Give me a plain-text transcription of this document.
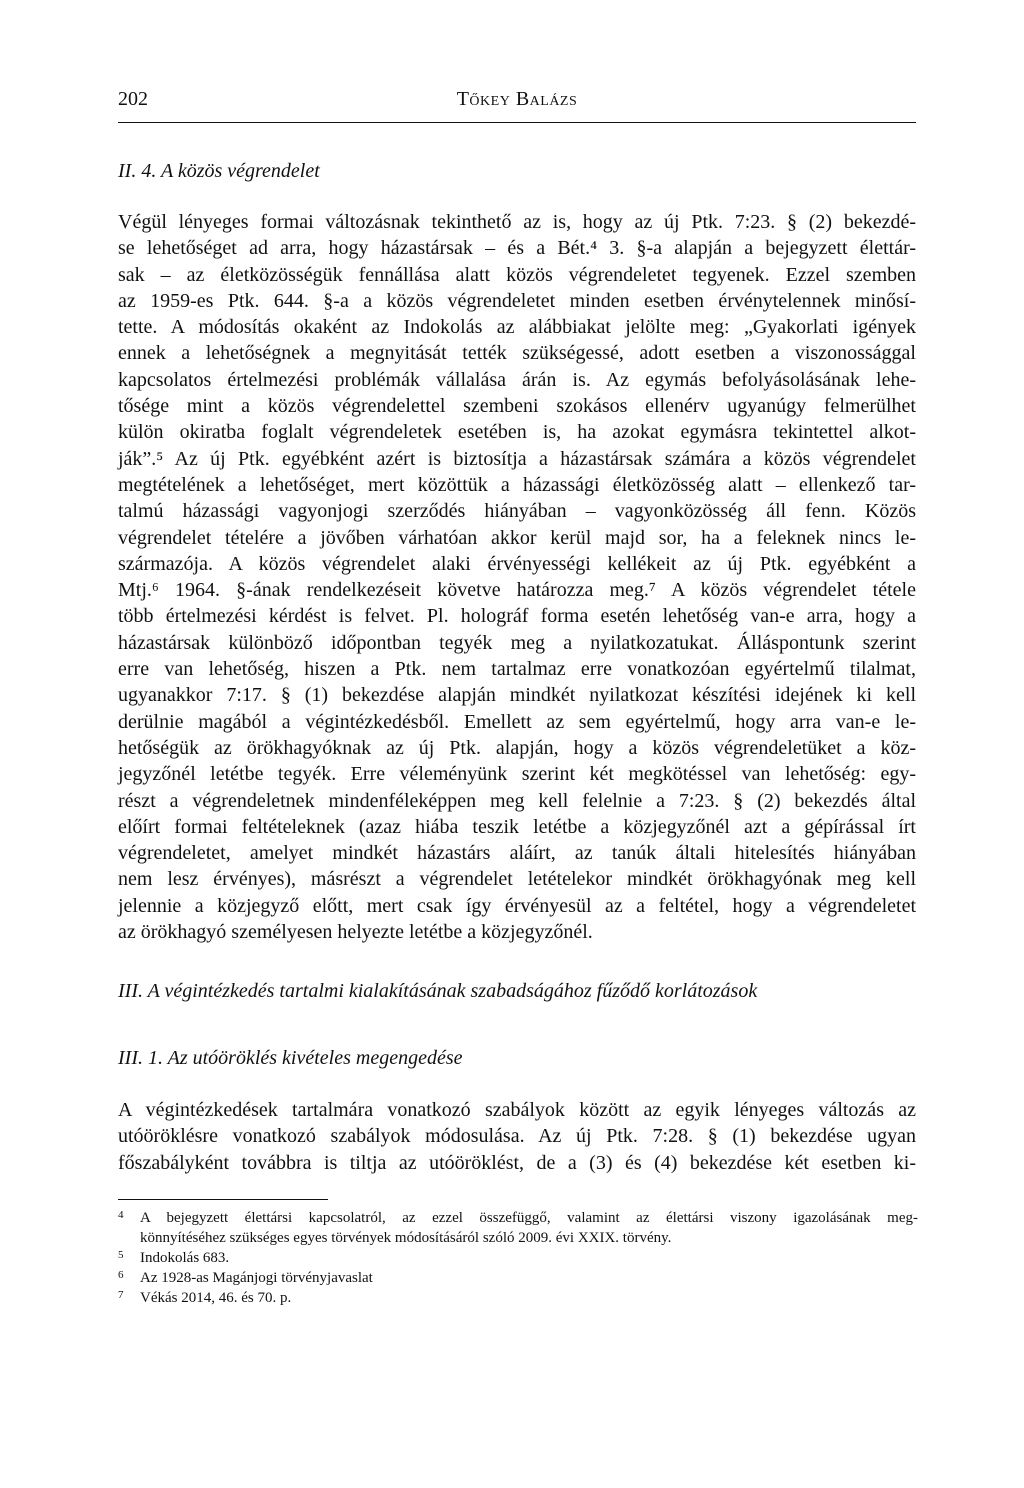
202	Tőkey Balázs
II. 4. A közös végrendelet
Végül lényeges formai változásnak tekinthető az is, hogy az új Ptk. 7:23. § (2) bekezdé-
se lehetőséget ad arra, hogy házastársak – és a Bét.⁴ 3. §-a alapján a bejegyzett élettár-
sak – az életközösségük fennállása alatt közös végrendeletet tegyenek. Ezzel szemben
az 1959-es Ptk. 644. §-a a közös végrendeletet minden esetben érvénytelennek minősí-
tette. A módosítás okaként az Indokolás az alábbiakat jelölte meg: „Gyakorlati igények
ennek a lehetőségnek a megnyitását tették szükségessé, adott esetben a viszonossággal
kapcsolatos értelmezési problémák vállalása árán is. Az egymás befolyásolásának lehe-
tősége mint a közös végrendelettel szembeni szokásos ellenérv ugyanúgy felmerülhet
külön okiratba foglalt végrendeletek esetében is, ha azokat egymásra tekintettel alkot-
ják”.⁵ Az új Ptk. egyébként azért is biztosítja a házastársak számára a közös végrendelet
megtételének a lehetőséget, mert közöttük a házassági életközösség alatt – ellenkező tar-
talmú házassági vagyonjogi szerződés hiányában – vagyonközösség áll fenn. Közös
végrendelet tételére a jövőben várhatóan akkor kerül majd sor, ha a feleknek nincs le-
származója. A közös végrendelet alaki érvényességi kellékeit az új Ptk. egyébként a
Mtj.⁶ 1964. §-ának rendelkezéseit követve határozza meg.⁷ A közös végrendelet tétele
több értelmezési kérdést is felvet. Pl. holográf forma esetén lehetőség van-e arra, hogy a
házastársak különböző időpontban tegyék meg a nyilatkozatukat. Álláspontunk szerint
erre van lehetőség, hiszen a Ptk. nem tartalmaz erre vonatkozóan egyértelmű tilalmat,
ugyanakkor 7:17. § (1) bekezdése alapján mindkét nyilatkozat készítési idejének ki kell
derülnie magából a végintézkedésből. Emellett az sem egyértelmű, hogy arra van-e le-
hetőségük az örökhagyóknak az új Ptk. alapján, hogy a közös végrendeletüket a köz-
jegyzőnél letétbe tegyék. Erre véleményünk szerint két megkötéssel van lehetőség: egy-
részt a végrendeletnek mindenféleképpen meg kell felelnie a 7:23. § (2) bekezdés által
előírt formai feltételeknek (azaz hiába teszik letétbe a közjegyzőnél azt a gépírással írt
végrendeletet, amelyet mindkét házastárs aláírt, az tanúk általi hitelesítés hiányában
nem lesz érvényes), másrészt a végrendelet letételekor mindkét örökhagyónak meg kell
jelennie a közjegyző előtt, mert csak így érvényesül az a feltétel, hogy a végrendeletet
az örökhagyó személyesen helyezte letétbe a közjegyzőnél.
III. A végintézkedés tartalmi kialakításának szabadságához fűződő korlátozások
III. 1. Az utóöröklés kivételes megengedése
A végintézkedések tartalmára vonatkozó szabályok között az egyik lényeges változás az
utóöröklésre vonatkozó szabályok módosulása. Az új Ptk. 7:28. § (1) bekezdése ugyan
főszabályként továbbra is tiltja az utóöröklést, de a (3) és (4) bekezdése két esetben ki-
4 A bejegyzett élettársi kapcsolatról, az ezzel összefüggő, valamint az élettársi viszony igazolásának meg-
könnyítéséhez szükséges egyes törvények módosításáról szóló 2009. évi XXIX. törvény.
5 Indokolás 683.
6 Az 1928-as Magánjogi törvényjavaslat
7 Vékás 2014, 46. és 70. p.
